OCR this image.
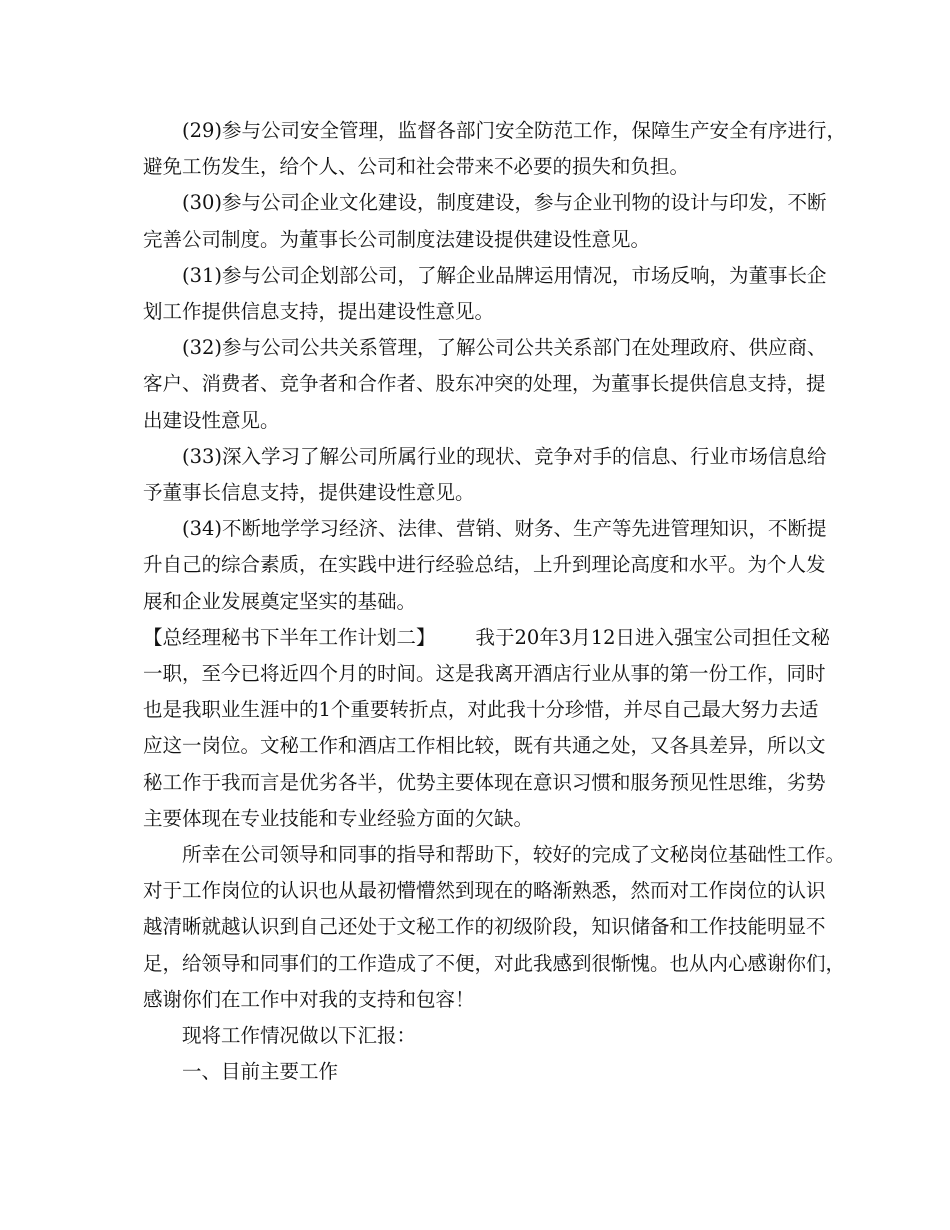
(29)参与公司安全管理，监督各部门安全防范工作，保障生产安全有序进行，
避免工伤发生，给个人、公司和社会带来不必要的损失和负担。
(30)参与公司企业文化建设，制度建设，参与企业刊物的设计与印发，不断
完善公司制度。为董事长公司制度法建设提供建设性意见。
(31)参与公司企划部公司，了解企业品牌运用情况，市场反响，为董事长企
划工作提供信息支持，提出建设性意见。
(32)参与公司公共关系管理，了解公司公共关系部门在处理政府、供应商、
客户、消费者、竞争者和合作者、股东冲突的处理，为董事长提供信息支持，提
出建设性意见。
(33)深入学习了解公司所属行业的现状、竞争对手的信息、行业市场信息给
予董事长信息支持，提供建设性意见。
(34)不断地学学习经济、法律、营销、财务、生产等先进管理知识，不断提
升自己的综合素质，在实践中进行经验总结，上升到理论高度和水平。为个人发
展和企业发展奠定坚实的基础。
【总经理秘书下半年工作计划二】 我于20年3月12日进入强宝公司担任文秘
一职，至今已将近四个月的时间。这是我离开酒店行业从事的第一份工作，同时
也是我职业生涯中的1个重要转折点，对此我十分珍惜，并尽自己最大努力去适
应这一岗位。文秘工作和酒店工作相比较，既有共通之处，又各具差异，所以文
秘工作于我而言是优劣各半，优势主要体现在意识习惯和服务预见性思维，劣势
主要体现在专业技能和专业经验方面的欠缺。
所幸在公司领导和同事的指导和帮助下，较好的完成了文秘岗位基础性工作。
对于工作岗位的认识也从最初懵懵然到现在的略渐熟悉，然而对工作岗位的认识
越清晰就越认识到自己还处于文秘工作的初级阶段，知识储备和工作技能明显不
足，给领导和同事们的工作造成了不便，对此我感到很惭愧。也从内心感谢你们，
感谢你们在工作中对我的支持和包容！
现将工作情况做以下汇报：
一、目前主要工作
